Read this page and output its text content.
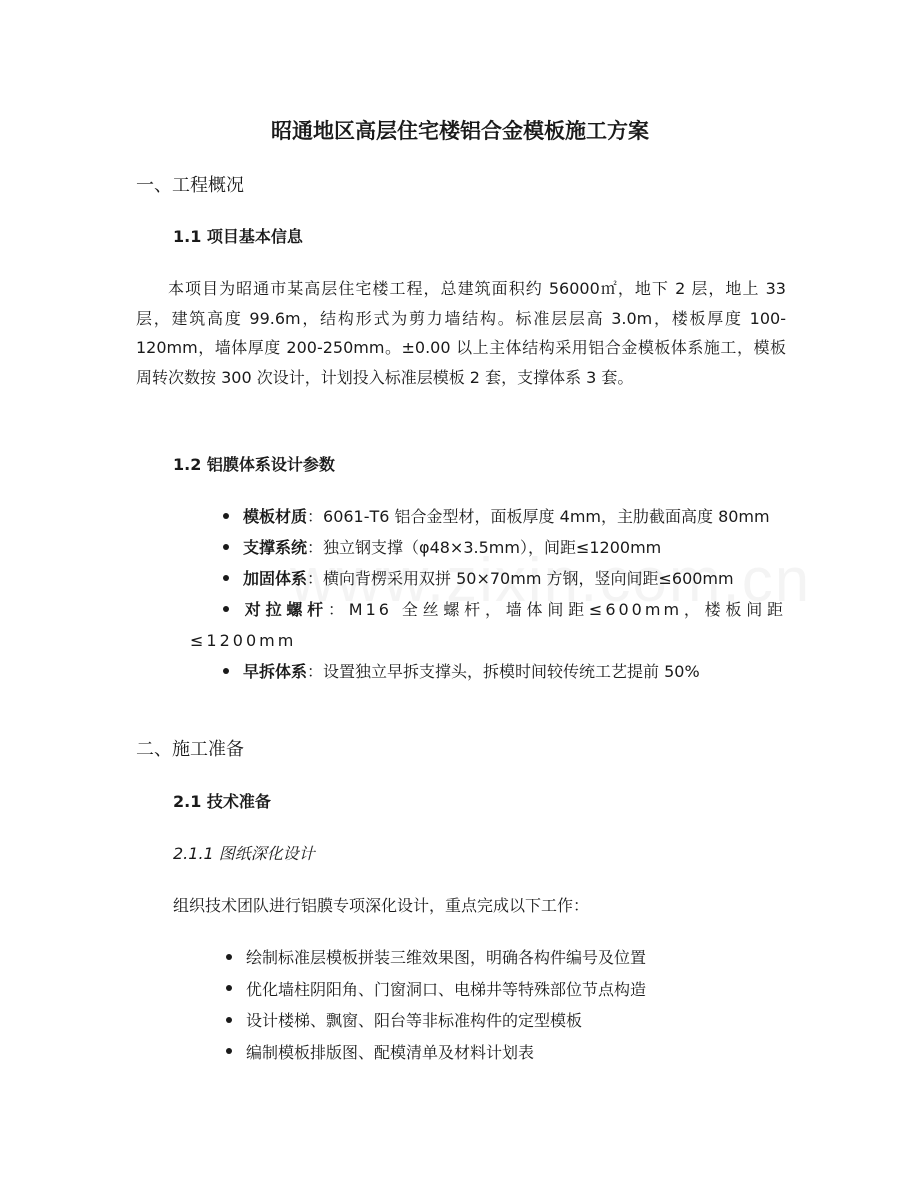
昭通地区高层住宅楼铝合金模板施工方案
一、工程概况
1.1 项目基本信息

本项目为昭通市某高层住宅楼工程，总建筑面积约 56000㎡，地下 2 层，地上 33 层，建筑高度 99.6m，结构形式为剪力墙结构。标准层层高 3.0m，楼板厚度 100-120mm，墙体厚度 200-250mm。±0.00 以上主体结构采用铝合金模板体系施工，模板周转次数按 300 次设计，计划投入标准层模板 2 套，支撑体系 3 套。

1.2 铝膜体系设计参数
模板材质：6061-T6 铝合金型材，面板厚度 4mm，主肋截面高度 80mm
支撑系统：独立钢支撑（φ48×3.5mm），间距≤1200mm
加固体系：横向背楞采用双拼 50×70mm 方钢，竖向间距≤600mm
对拉螺杆：M16 全丝螺杆，墙体间距≤600mm，楼板间距≤1200mm
早拆体系：设置独立早拆支撑头，拆模时间较传统工艺提前 50%
二、施工准备
2.1 技术准备
2.1.1 图纸深化设计

组织技术团队进行铝膜专项深化设计，重点完成以下工作：

绘制标准层模板拼装三维效果图，明确各构件编号及位置
优化墙柱阴阳角、门窗洞口、电梯井等特殊部位节点构造
设计楼梯、飘窗、阳台等非标准构件的定型模板
编制模板排版图、配模清单及材料计划表
